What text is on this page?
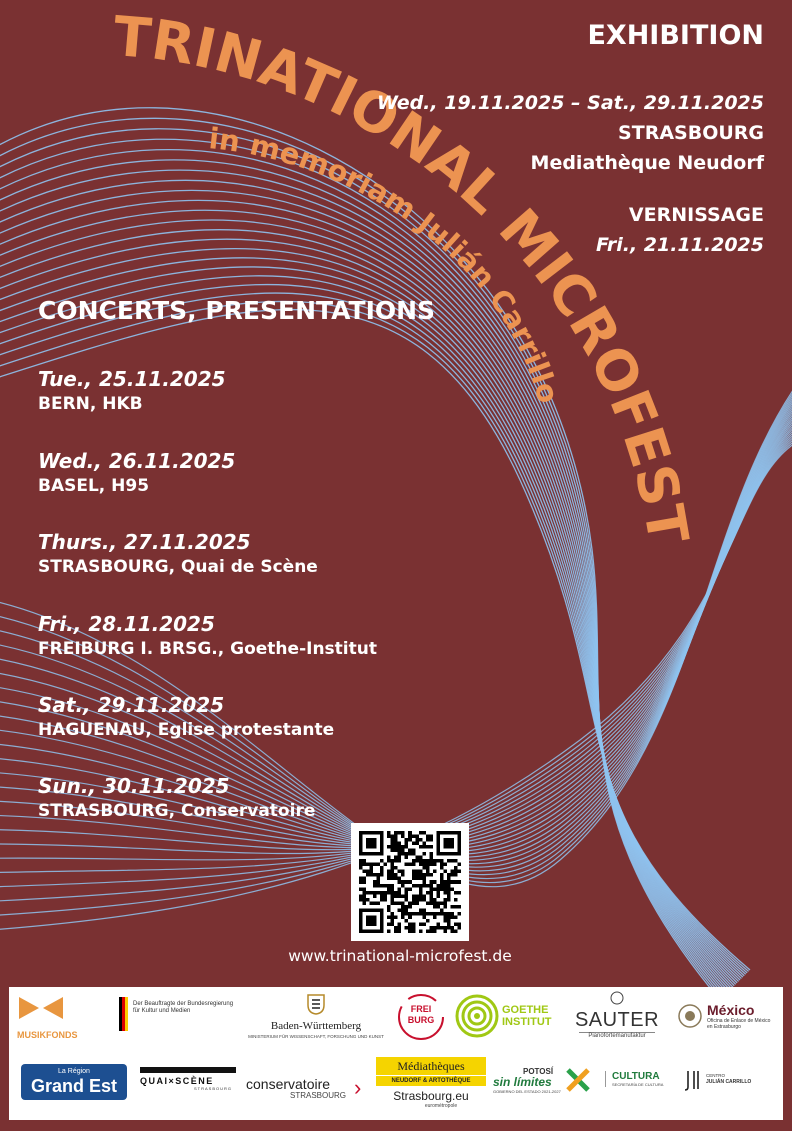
TRINATIONAL MICROFEST
in memoriam Julián Carrillo
EXHIBITION
Wed., 19.11.2025 – Sat., 29.11.2025
STRASBOURG
Mediathèque Neudorf
VERNISSAGE
Fri., 21.11.2025
CONCERTS, PRESENTATIONS
Tue., 25.11.2025
BERN, HKB
Wed., 26.11.2025
BASEL, H95
Thurs., 27.11.2025
STRASBOURG, Quai de Scène
Fri., 28.11.2025
FREIBURG I. BRSG., Goethe-Institut
Sat., 29.11.2025
HAGUENAU, Eglise protestante
Sun., 30.11.2025
STRASBOURG, Conservatoire
www.trinational-microfest.de
MUSIKFONDS
Der Beauftragte der Bundesregierung
für Kultur und Medien
Baden-Württemberg
MINISTERIUM FÜR WISSENSCHAFT, FORSCHUNG UND KUNST
FREI
BURG
GOETHE
INSTITUT	SAUTER
Pianofortemanufaktur
México
Oficina de Enlace de México
en Estrasburgo
La Région
Grand Est	QUAI×SCÈNE
STRASBOURG	conservatoire
STRASBOURG ›
Médiathèques
NEUDORF & ARTOTHÈQUE
Strasbourg.eu
eurométropole
POTOSÍ
sin límites
GOBIERNO DEL ESTADO 2021-2027
CULTURA
SECRETARÍA DE CULTURA
CENTRO
JULIÁN CARRILLO
